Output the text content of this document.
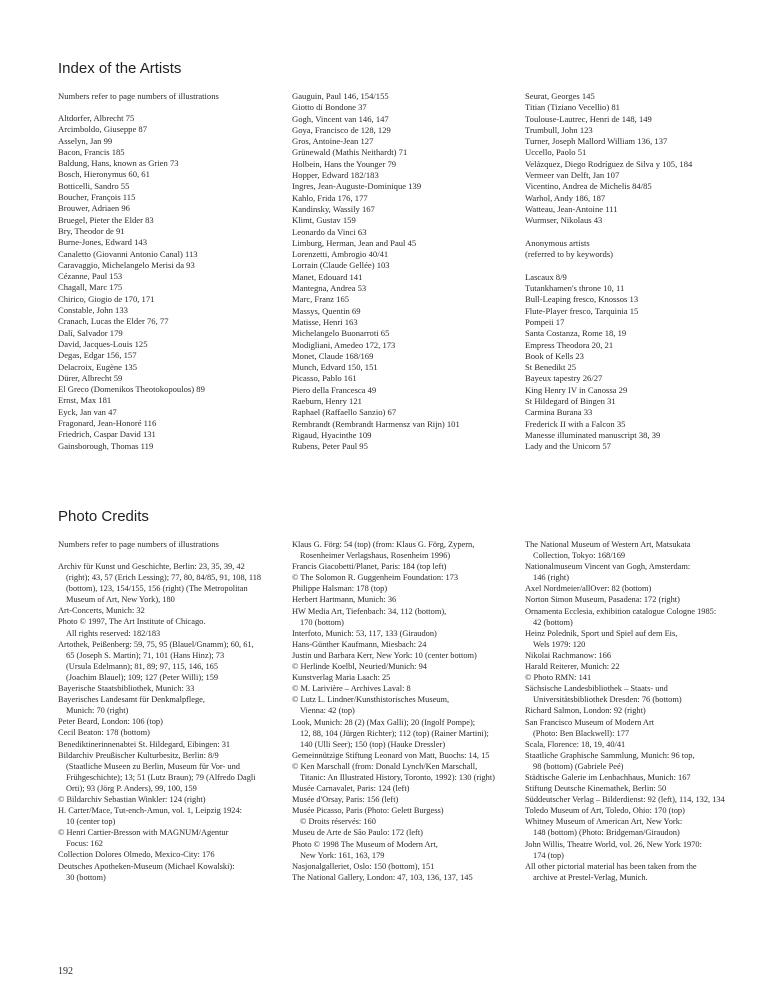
Index of the Artists
Numbers refer to page numbers of illustrations
Altdorfer, Albrecht 75
Arcimboldo, Giuseppe 87
Asselyn, Jan 99
Bacon, Francis 185
Baldung, Hans, known as Grien 73
Bosch, Hieronymus 60, 61
Botticelli, Sandro 55
Boucher, François 115
Brouwer, Adriaen 96
Bruegel, Pieter the Elder 83
Bry, Theodor de 91
Burne-Jones, Edward 143
Canaletto (Giovanni Antonio Canal) 113
Caravaggio, Michelangelo Merisi da 93
Cézanne, Paul 153
Chagall, Marc 175
Chirico, Giogio de 170, 171
Constable, John 133
Cranach, Lucas the Elder 76, 77
Dalí, Salvador 179
David, Jacques-Louis 125
Degas, Edgar 156, 157
Delacroix, Eugène 135
Dürer, Albrecht 59
El Greco (Domenikos Theotokopoulos) 89
Ernst, Max 181
Eyck, Jan van 47
Fragonard, Jean-Honoré 116
Friedrich, Caspar David 131
Gainsborough, Thomas 119
Gauguin, Paul 146, 154/155
Giotto di Bondone 37
Gogh, Vincent van 146, 147
Goya, Francisco de 128, 129
Gros, Antoine-Jean 127
Grünewald (Mathis Neithardt) 71
Holbein, Hans the Younger 79
Hopper, Edward 182/183
Ingres, Jean-Auguste-Dominique 139
Kahlo, Frida 176, 177
Kandinsky, Wassily 167
Klimt, Gustav 159
Leonardo da Vinci 63
Limburg, Herman, Jean and Paul 45
Lorenzetti, Ambrogio 40/41
Lorrain (Claude Gellée) 103
Manet, Edouard 141
Mantegna, Andrea 53
Marc, Franz 165
Massys, Quentin 69
Matisse, Henri 163
Michelangelo Buonarroti 65
Modigliani, Amedeo 172, 173
Monet, Claude 168/169
Munch, Edvard 150, 151
Picasso, Pablo 161
Piero della Francesca 49
Raeburn, Henry 121
Raphael (Raffaello Sanzio) 67
Rembrandt (Rembrandt Harmensz van Rijn) 101
Rigaud, Hyacinthe 109
Rubens, Peter Paul 95
Seurat, Georges 145
Titian (Tiziano Vecellio) 81
Toulouse-Lautrec, Henri de 148, 149
Trumbull, John 123
Turner, Joseph Mallord William 136, 137
Uccello, Paolo 51
Velázquez, Diego Rodríguez de Silva y 105, 184
Vermeer van Delft, Jan 107
Vicentino, Andrea de Michelis 84/85
Warhol, Andy 186, 187
Watteau, Jean-Antoine 111
Wurmser, Nikolaus 43
Anonymous artists
(referred to by keywords)
Lascaux 8/9
Tutankhamen's throne 10, 11
Bull-Leaping fresco, Knossos 13
Flute-Player fresco, Tarquinia 15
Pompeii 17
Santa Costanza, Rome 18, 19
Empress Theodora 20, 21
Book of Kells 23
St Benedikt 25
Bayeux tapestry 26/27
King Henry IV in Canossa 29
St Hildegard of Bingen 31
Carmina Burana 33
Frederick II with a Falcon 35
Manesse illuminated manuscript 38, 39
Lady and the Unicorn 57
Photo Credits
Numbers refer to page numbers of illustrations
Archiv für Kunst und Geschichte, Berlin: 23, 35, 39, 42
(right); 43, 57 (Erich Lessing); 77, 80, 84/85, 91, 108, 118
(bottom), 123, 154/155, 156 (right) (The Metropolitan
Museum of Art, New York), 180
Art-Concerts, Munich: 32
Photo © 1997, The Art Institute of Chicago.
All rights reserved: 182/183
Artothek, Peißenberg: 59, 75, 95 (Blauel/Gnamm); 60, 61,
65 (Joseph S. Martin); 71, 101 (Hans Hinz); 73
(Ursula Edelmann); 81, 89; 97, 115, 146, 165
(Joachim Blauel); 109; 127 (Peter Willi); 159
Bayerische Staatsbibliothek, Munich: 33
Bayerisches Landesamt für Denkmalpflege,
Munich: 70 (right)
Peter Beard, London: 106 (top)
Cecil Beaton: 178 (bottom)
Benediktinerinnenabtei St. Hildegard, Eibingen: 31
Bildarchiv Preußischer Kulturbesitz, Berlin: 8/9
(Staatliche Museen zu Berlin, Museum für Vor- und
Frühgeschichte); 13; 51 (Lutz Braun); 79 (Alfredo Dagli
Orti); 93 (Jörg P. Anders), 99, 100, 159
© Bildarchiv Sebastian Winkler: 124 (right)
H. Carter/Mace, Tut-ench-Amun, vol. 1, Leipzig 1924:
10 (center top)
© Henri Cartier-Bresson with MAGNUM/Agentur
Focus: 162
Collection Dolores Olmedo, Mexico-City: 176
Deutsches Apotheken-Museum (Michael Kowalski):
30 (bottom)
Klaus G. Förg: 54 (top) (from: Klaus G. Förg, Zypern,
Rosenheimer Verlagshaus, Rosenheim 1996)
Francis Giacobetti/Planet, Paris: 184 (top left)
© The Solomon R. Guggenheim Foundation: 173
Philippe Halsman: 178 (top)
Herbert Hartmann, Munich: 36
HW Media Art, Tiefenbach: 34, 112 (bottom),
170 (bottom)
Interfoto, Munich: 53, 117, 133 (Giraudon)
Hans-Günther Kaufmann, Miesbach: 24
Justin und Barbara Kerr, New York: 10 (center bottom)
© Herlinde Koelbl, Neuried/Munich: 94
Kunstverlag Maria Laach: 25
© M. Larivière – Archives Laval: 8
© Lutz L. Lindner/Kunsthistorisches Museum,
Vienna: 42 (top)
Look, Munich: 28 (2) (Max Galli); 20 (Ingolf Pompe);
12, 88, 104 (Jürgen Richter); 112 (top) (Rainer Martini);
140 (Ulli Seer); 150 (top) (Hauke Dressler)
Gemeinnützige Stiftung Leonard von Matt, Buochs: 14, 15
© Ken Marschall (from: Donald Lynch/Ken Marschall,
Titanic: An Illustrated History, Toronto, 1992): 130 (right)
Musée Carnavalet, Paris: 124 (left)
Musée d'Orsay, Paris: 156 (left)
Musée Picasso, Paris (Photo: Gelett Burgess)
© Droits réservés: 160
Museu de Arte de São Paulo: 172 (left)
Photo © 1998 The Museum of Modern Art,
New York: 161, 163, 179
Nasjonalgalleriet, Oslo: 150 (bottom), 151
The National Gallery, London: 47, 103, 136, 137, 145
The National Museum of Western Art, Matsukata
Collection, Tokyo: 168/169
Nationalmuseum Vincent van Gogh, Amsterdam:
146 (right)
Axel Nordmeier/allOver: 82 (bottom)
Norton Simon Museum, Pasadena: 172 (right)
Ornamenta Ecclesia, exhibition catalogue Cologne 1985:
42 (bottom)
Heinz Polednik, Sport und Spiel auf dem Eis,
Wels 1979: 120
Nikolai Rachmanow: 166
Harald Reiterer, Munich: 22
© Photo RMN: 141
Sächsische Landesbibliothek – Staats- und
Universitätsbibliothek Dresden: 76 (bottom)
Richard Salmon, London: 92 (right)
San Francisco Museum of Modern Art
(Photo: Ben Blackwell): 177
Scala, Florence: 18, 19, 40/41
Staatliche Graphische Sammlung, Munich: 96 top,
98 (bottom) (Gabriele Peé)
Städtische Galerie im Lenbachhaus, Munich: 167
Stiftung Deutsche Kinemathek, Berlin: 50
Süddeutscher Verlag – Bilderdienst: 92 (left), 114, 132, 134
Toledo Museum of Art, Toledo, Ohio: 170 (top)
Whitney Museum of American Art, New York:
148 (bottom) (Photo: Bridgeman/Giraudon)
John Willis, Theatre World, vol. 26, New York 1970:
174 (top)
All other pictorial material has been taken from the
archive at Prestel-Verlag, Munich.
192
